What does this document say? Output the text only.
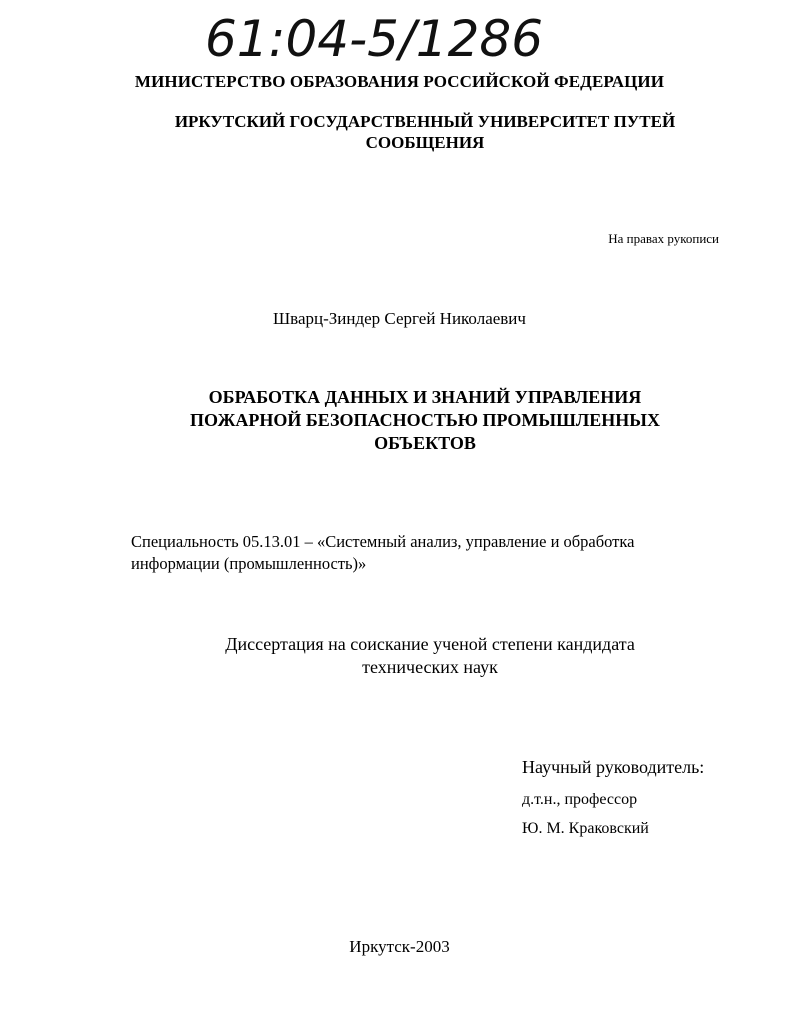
61:04-5/1286
МИНИСТЕРСТВО ОБРАЗОВАНИЯ РОССИЙСКОЙ ФЕДЕРАЦИИ
ИРКУТСКИЙ ГОСУДАРСТВЕННЫЙ УНИВЕРСИТЕТ ПУТЕЙ
СООБЩЕНИЯ
На правах рукописи
Шварц-Зиндер Сергей Николаевич
ОБРАБОТКА ДАННЫХ И ЗНАНИЙ УПРАВЛЕНИЯ
ПОЖАРНОЙ БЕЗОПАСНОСТЬЮ ПРОМЫШЛЕННЫХ
ОБЪЕКТОВ
Специальность 05.13.01 – «Системный анализ, управление и обработка
информации (промышленность)»
Диссертация на соискание ученой степени кандидата
технических наук
Научный руководитель:
д.т.н., профессор
Ю. М. Краковский
Иркутск-2003
